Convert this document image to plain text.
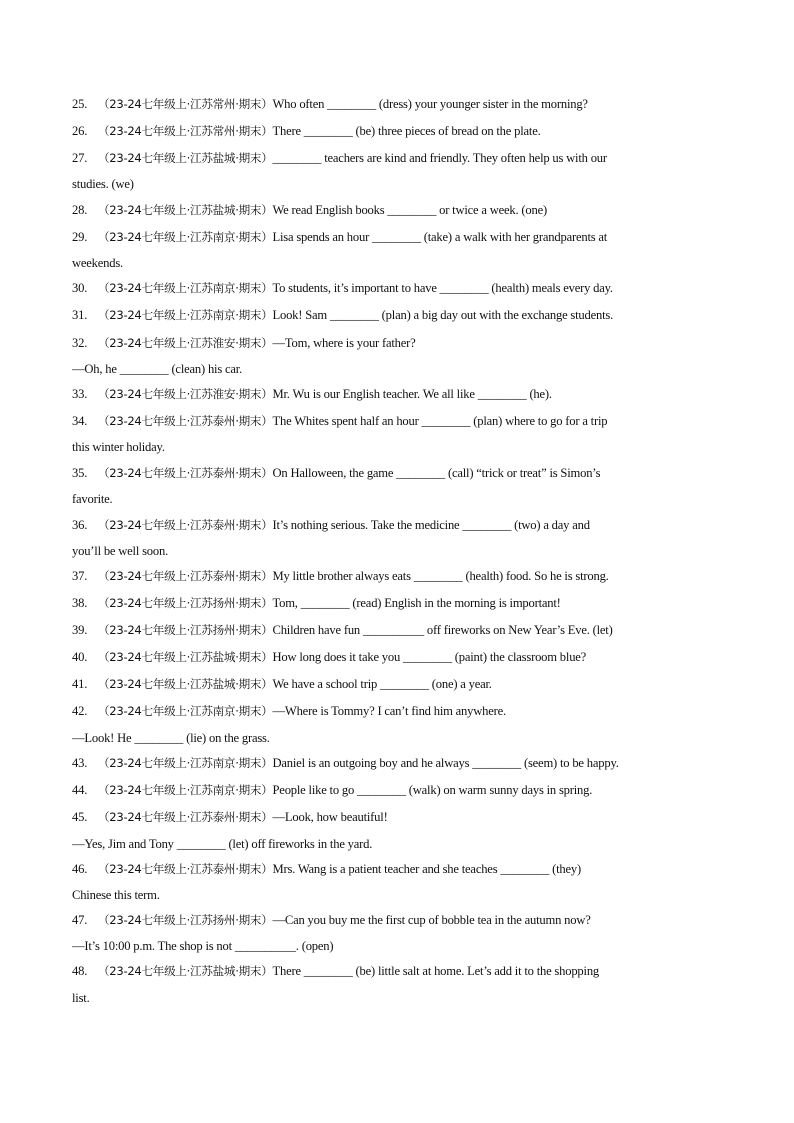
25. （23-24七年级上·江苏常州·期末）Who often ________ (dress) your younger sister in the morning?
26. （23-24七年级上·江苏常州·期末）There ________ (be) three pieces of bread on the plate.
27. （23-24七年级上·江苏盐城·期末）________ teachers are kind and friendly. They often help us with our
studies. (we)
28. （23-24七年级上·江苏盐城·期末）We read English books ________ or twice a week. (one)
29. （23-24七年级上·江苏南京·期末）Lisa spends an hour ________ (take) a walk with her grandparents at
weekends.
30. （23-24七年级上·江苏南京·期末）To students, it’s important to have ________ (health) meals every day.
31. （23-24七年级上·江苏南京·期末）Look! Sam ________ (plan) a big day out with the exchange students.
32. （23-24七年级上·江苏淮安·期末）—Tom, where is your father?
—Oh, he ________ (clean) his car.
33. （23-24七年级上·江苏淮安·期末）Mr. Wu is our English teacher. We all like ________ (he).
34. （23-24七年级上·江苏泰州·期末）The Whites spent half an hour ________ (plan) where to go for a trip
this winter holiday.
35. （23-24七年级上·江苏泰州·期末）On Halloween, the game ________ (call) “trick or treat” is Simon’s
favorite.
36. （23-24七年级上·江苏泰州·期末）It’s nothing serious. Take the medicine ________ (two) a day and
you’ll be well soon.
37. （23-24七年级上·江苏泰州·期末）My little brother always eats ________ (health) food. So he is strong.
38. （23-24七年级上·江苏扬州·期末）Tom, ________ (read) English in the morning is important!
39. （23-24七年级上·江苏扬州·期末）Children have fun __________ off fireworks on New Year’s Eve. (let)
40. （23-24七年级上·江苏盐城·期末）How long does it take you ________ (paint) the classroom blue?
41. （23-24七年级上·江苏盐城·期末）We have a school trip ________ (one) a year.
42. （23-24七年级上·江苏南京·期末）—Where is Tommy? I can’t find him anywhere.
—Look! He ________ (lie) on the grass.
43. （23-24七年级上·江苏南京·期末）Daniel is an outgoing boy and he always ________ (seem) to be happy.
44. （23-24七年级上·江苏南京·期末）People like to go ________ (walk) on warm sunny days in spring.
45. （23-24七年级上·江苏泰州·期末）—Look, how beautiful!
—Yes, Jim and Tony ________ (let) off fireworks in the yard.
46. （23-24七年级上·江苏泰州·期末）Mrs. Wang is a patient teacher and she teaches ________ (they)
Chinese this term.
47. （23-24七年级上·江苏扬州·期末）—Can you buy me the first cup of bobble tea in the autumn now?
—It’s 10:00 p.m. The shop is not __________. (open)
48. （23-24七年级上·江苏盐城·期末）There ________ (be) little salt at home. Let’s add it to the shopping
list.
